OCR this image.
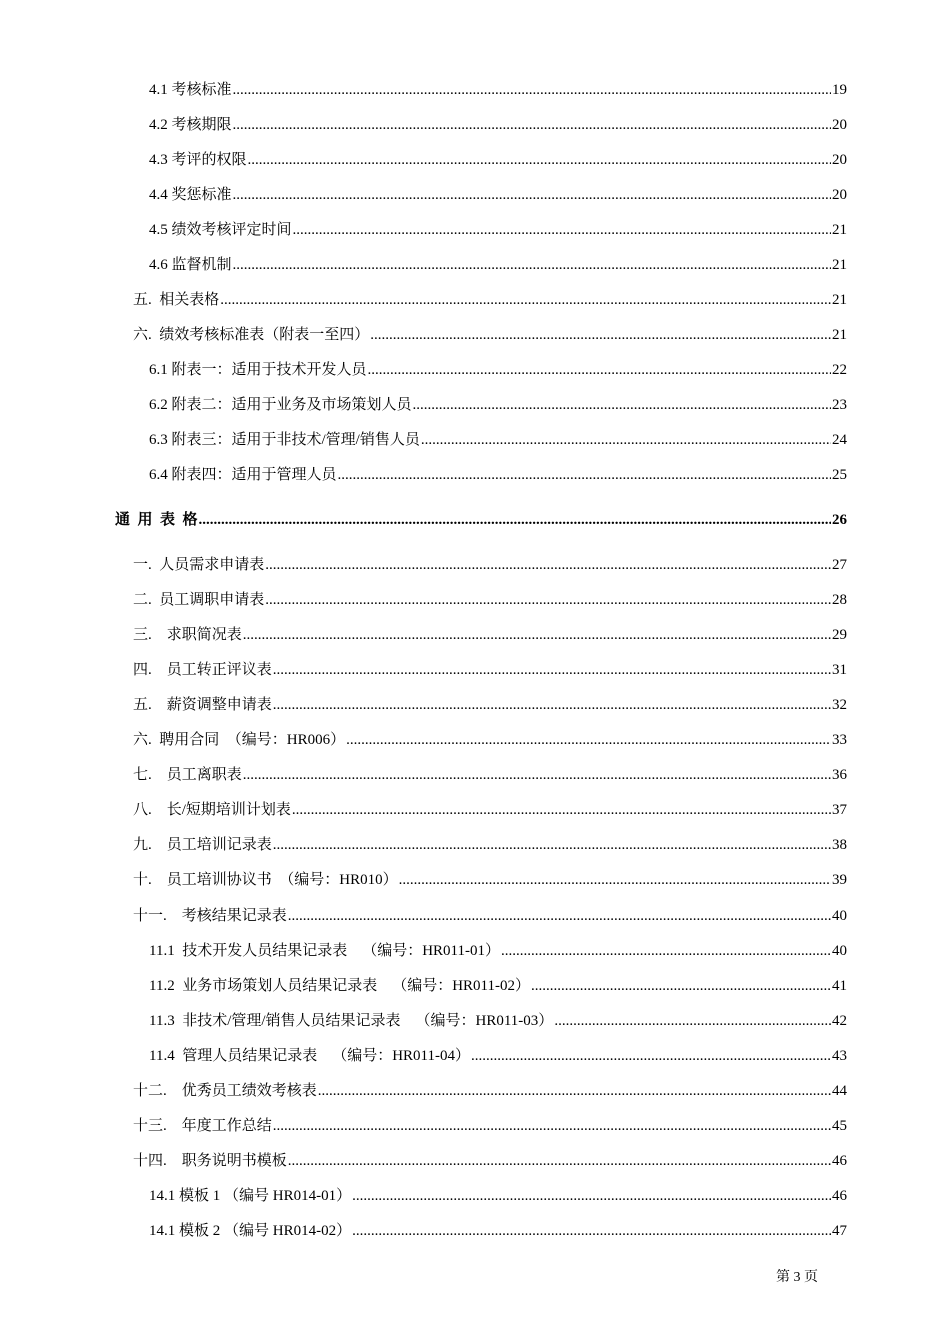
4.1 考核标准 .....	19
4.2 考核期限 .....	20
4.3 考评的权限 .....	20
4.4 奖惩标准 .....	20
4.5 绩效考核评定时间 .....	21
4.6 监督机制 .....	21
五.  相关表格 .....	21
六.  绩效考核标准表（附表一至四） .....	21
6.1 附表一：适用于技术开发人员 .....	22
6.2 附表二：适用于业务及市场策划人员 .....	23
6.3 附表三：适用于非技术/管理/销售人员 .....	24
6.4 附表四：适用于管理人员 .....	25
通  用  表  格 .....	26
一.  人员需求申请表 .....	27
二.  员工调职申请表 .....	28
三.    求职简况表 .....	29
四.    员工转正评议表 .....	31
五.    薪资调整申请表 .....	32
六.  聘用合同  （编号：HR006） .....	33
七.    员工离职表 .....	36
八.    长/短期培训计划表 .....	37
九.    员工培训记录表 .....	38
十.    员工培训协议书  （编号：HR010） .....	39
十一.    考核结果记录表 .....	40
11.1  技术开发人员结果记录表    （编号：HR011-01） .....	40
11.2  业务市场策划人员结果记录表    （编号：HR011-02） .....	41
11.3  非技术/管理/销售人员结果记录表    （编号：HR011-03） .....	42
11.4  管理人员结果记录表    （编号：HR011-04） .....	43
十二.    优秀员工绩效考核表 .....	44
十三.    年度工作总结 .....	45
十四.    职务说明书模板 .....	46
14.1 模板 1 （编号 HR014-01） .....	46
14.1 模板 2 （编号 HR014-02） .....	47
第 3 页
